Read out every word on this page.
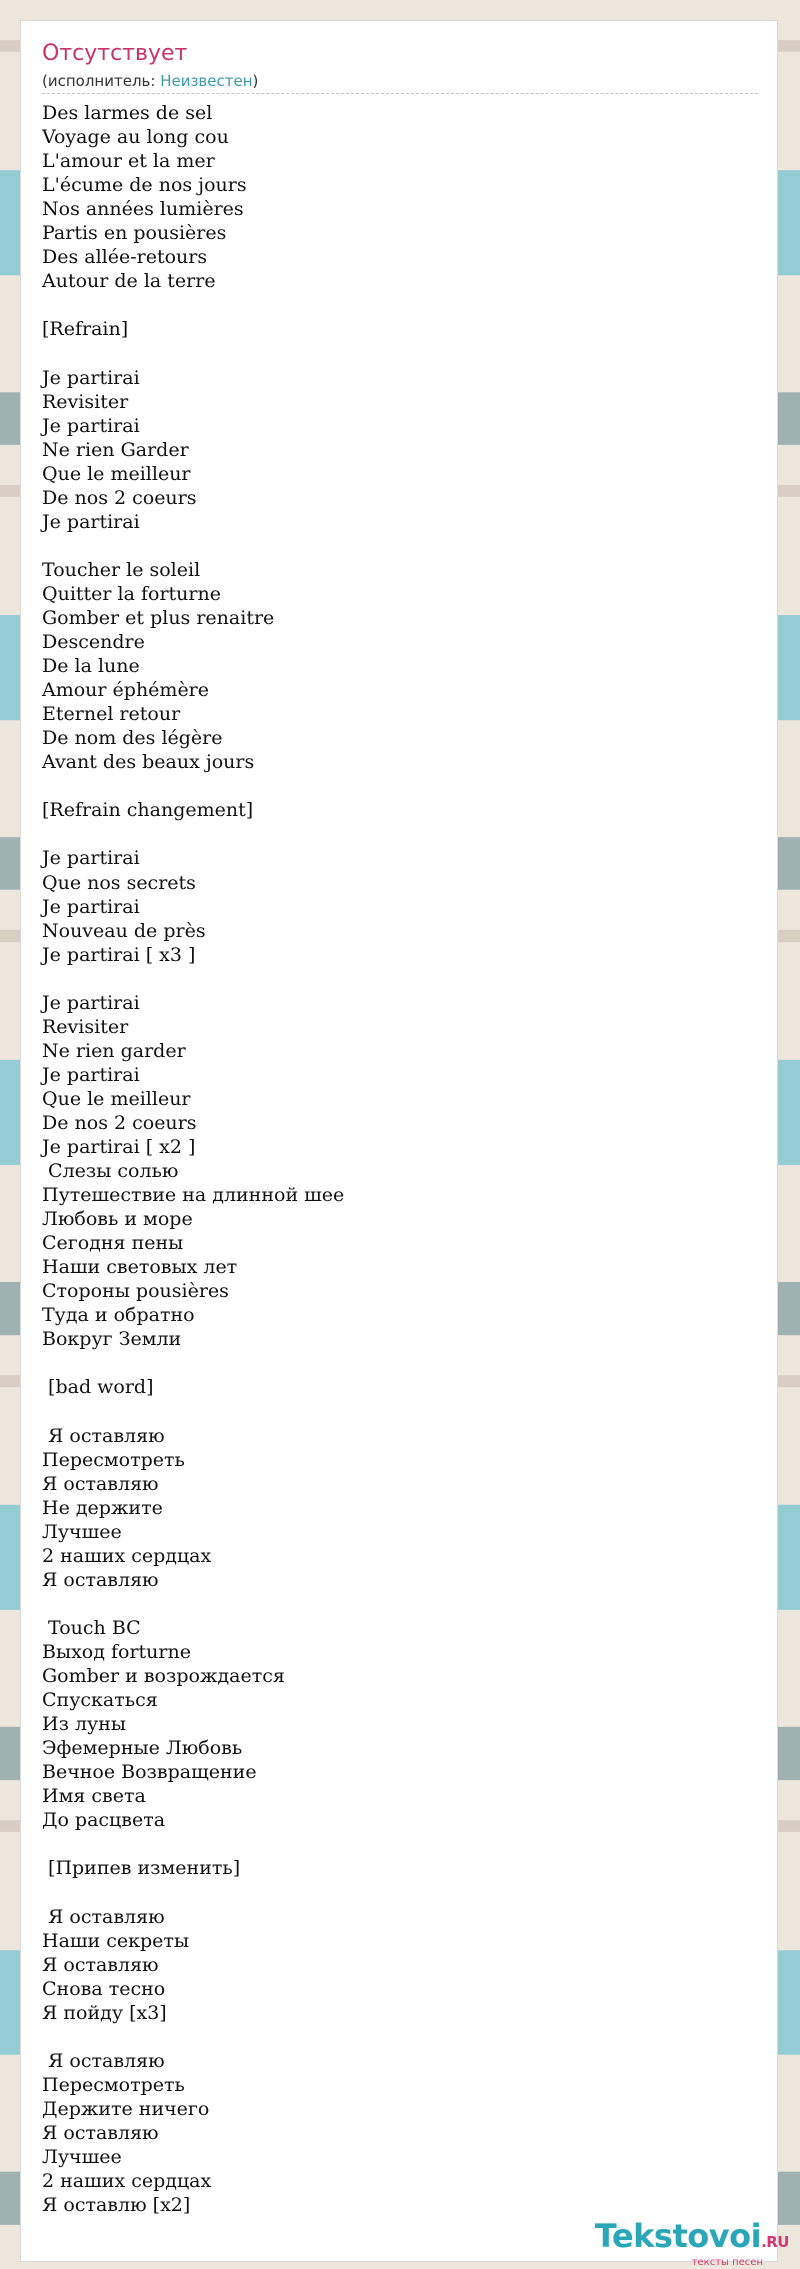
Отсутствует
(исполнитель: Неизвестен)
Des larmes de sel
Voyage au long cou
L'amour et la mer
L'écume de nos jours
Nos années lumières
Partis en pousières
Des allée-retours
Autour de la terre

[Refrain]

Je partirai
Revisiter
Je partirai
Ne rien Garder
Que le meilleur
De nos 2 coeurs
Je partirai

Toucher le soleil
Quitter la forturne
Gomber et plus renaitre
Descendre
De la lune
Amour éphémère
Eternel retour
De nom des légère
Avant des beaux jours

[Refrain changement]

Je partirai
Que nos secrets
Je partirai
Nouveau de près
Je partirai [ x3 ]

Je partirai
Revisiter
Ne rien garder
Je partirai
Que le meilleur
De nos 2 coeurs
Je partirai [ x2 ]
Слезы солью
Путешествие на длинной шее
Любовь и море
Сегодня пены
Наши световых лет
Стороны pousières
Туда и обратно
Вокруг Земли

[bad word]

Я оставляю
Пересмотреть
Я оставляю
Не держите
Лучшее
2 наших сердцах
Я оставляю

Touch BC
Выход forturne
Gomber и возрождается
Спускаться
Из луны
Эфемерные Любовь
Вечное Возвращение
Имя света
До расцвета

[Припев изменить]

Я оставляю
Наши секреты
Я оставляю
Снова тесно
Я пойду [x3]

Я оставляю
Пересмотреть
Держите ничего
Я оставляю
Лучшее
2 наших сердцах
Я оставлю [x2]
Tekstovoi.RU
тексты песен
